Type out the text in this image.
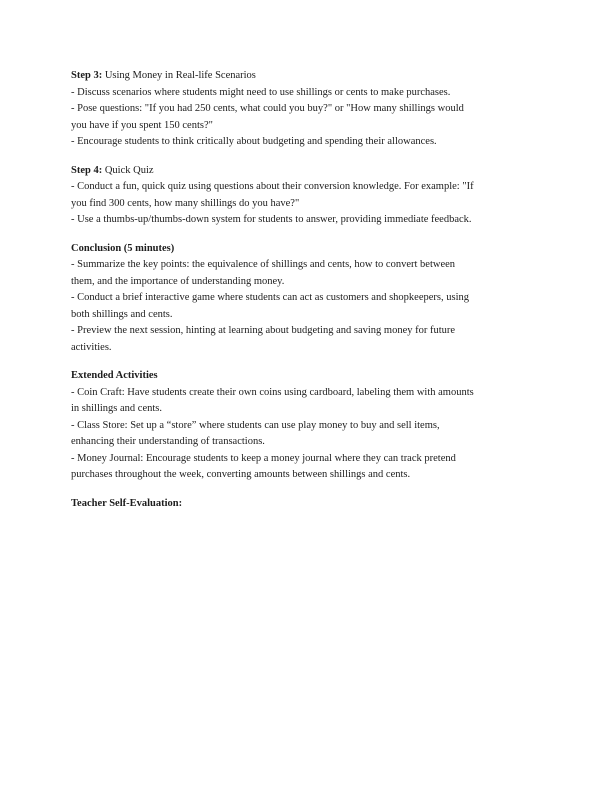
Step 3: Using Money in Real-life Scenarios
- Discuss scenarios where students might need to use shillings or cents to make purchases.
- Pose questions: "If you had 250 cents, what could you buy?" or "How many shillings would
you have if you spent 150 cents?"
- Encourage students to think critically about budgeting and spending their allowances.
Step 4: Quick Quiz
- Conduct a fun, quick quiz using questions about their conversion knowledge. For example: "If
you find 300 cents, how many shillings do you have?"
- Use a thumbs-up/thumbs-down system for students to answer, providing immediate feedback.
Conclusion (5 minutes)
- Summarize the key points: the equivalence of shillings and cents, how to convert between
them, and the importance of understanding money.
- Conduct a brief interactive game where students can act as customers and shopkeepers, using
both shillings and cents.
- Preview the next session, hinting at learning about budgeting and saving money for future
activities.
Extended Activities
- Coin Craft: Have students create their own coins using cardboard, labeling them with amounts
in shillings and cents.
- Class Store: Set up a “store” where students can use play money to buy and sell items,
enhancing their understanding of transactions.
- Money Journal: Encourage students to keep a money journal where they can track pretend
purchases throughout the week, converting amounts between shillings and cents.
Teacher Self-Evaluation:
